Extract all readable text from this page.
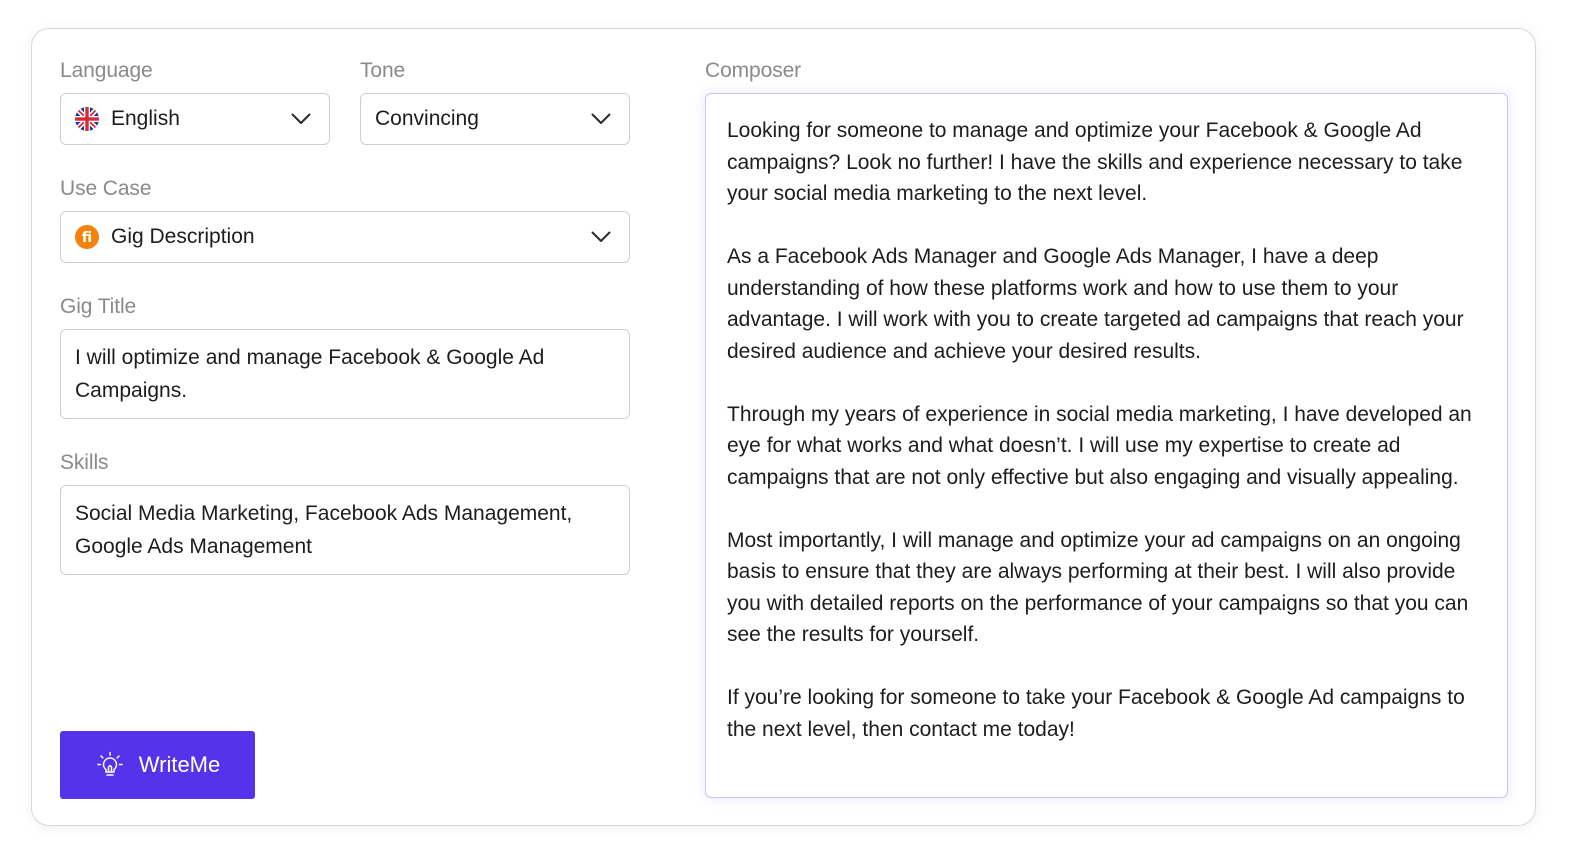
Language
English
Tone
Convincing
Use Case
fi Gig Description
Gig Title
I will optimize and manage Facebook & Google Ad Campaigns.
Skills
Social Media Marketing, Facebook Ads Management, Google Ads Management
Composer

Looking for someone to manage and optimize your Facebook & Google Ad campaigns? Look no further! I have the skills and experience necessary to take your social media marketing to the next level.

As a Facebook Ads Manager and Google Ads Manager, I have a deep understanding of how these platforms work and how to use them to your advantage. I will work with you to create targeted ad campaigns that reach your desired audience and achieve your desired results.

Through my years of experience in social media marketing, I have developed an eye for what works and what doesn’t. I will use my expertise to create ad campaigns that are not only effective but also engaging and visually appealing.

Most importantly, I will manage and optimize your ad campaigns on an ongoing basis to ensure that they are always performing at their best. I will also provide you with detailed reports on the performance of your campaigns so that you can see the results for yourself.

If you’re looking for someone to take your Facebook & Google Ad campaigns to the next level, then contact me today!

WriteMe
